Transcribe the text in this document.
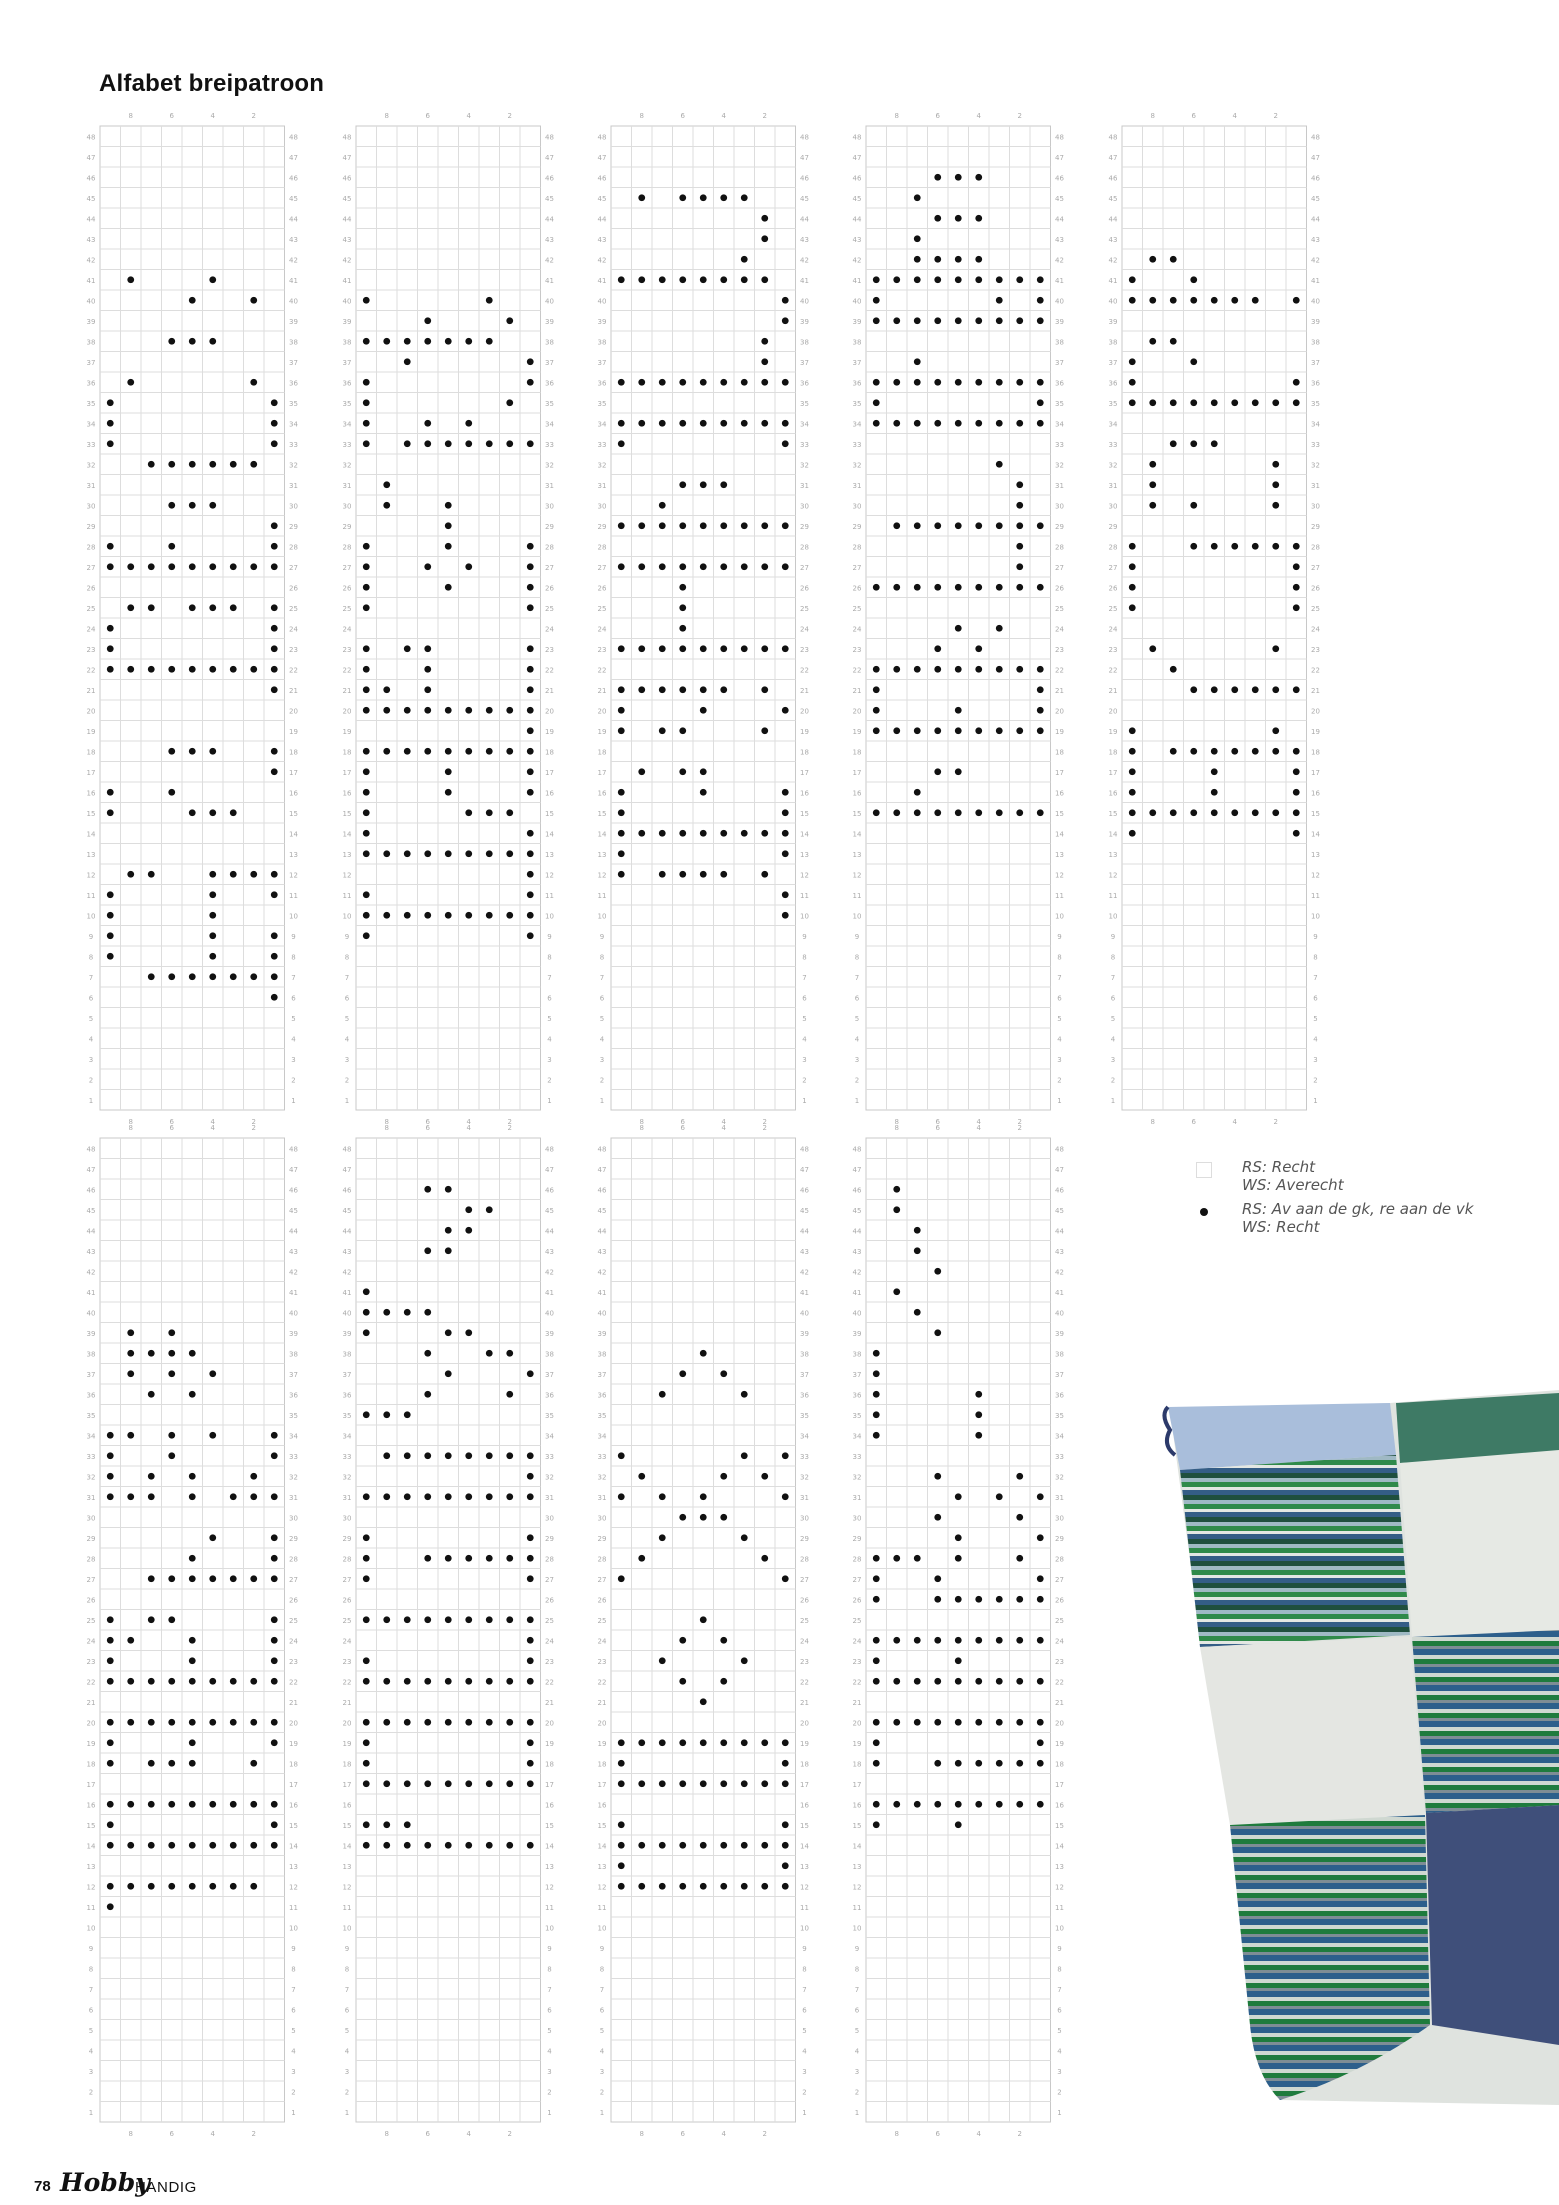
Alfabet breipatroon
48	48
47	47
46	46
45	45
44	44
43	43
42	42
41	41
40	40
39	39
38	38
37	37
36	36
35	35
34	34
33	33
32	32
31	31
30	30
29	29
28	28
27	27
26	26
25	25
24	24
23	23
22	22
21	21
20	20
19	19
18	18
17	17
16	16
15	15
14	14
13	13
12	12
11	11
10	10
9	9
8	8
7	7
6	6
5	5
4	4
3	3
2	2
1	1
8
8
6
6
4
4
2
2
48	48
47	47
46	46
45	45
44	44
43	43
42	42
41	41
40	40
39	39
38	38
37	37
36	36
35	35
34	34
33	33
32	32
31	31
30	30
29	29
28	28
27	27
26	26
25	25
24	24
23	23
22	22
21	21
20	20
19	19
18	18
17	17
16	16
15	15
14	14
13	13
12	12
11	11
10	10
9	9
8	8
7	7
6	6
5	5
4	4
3	3
2	2
1	1
8
8
6
6
4
4
2
2
48	48
47	47
46	46
45	45
44	44
43	43
42	42
41	41
40	40
39	39
38	38
37	37
36	36
35	35
34	34
33	33
32	32
31	31
30	30
29	29
28	28
27	27
26	26
25	25
24	24
23	23
22	22
21	21
20	20
19	19
18	18
17	17
16	16
15	15
14	14
13	13
12	12
11	11
10	10
9	9
8	8
7	7
6	6
5	5
4	4
3	3
2	2
1	1
8
8
6
6
4
4
2
2
48	48
47	47
46	46
45	45
44	44
43	43
42	42
41	41
40	40
39	39
38	38
37	37
36	36
35	35
34	34
33	33
32	32
31	31
30	30
29	29
28	28
27	27
26	26
25	25
24	24
23	23
22	22
21	21
20	20
19	19
18	18
17	17
16	16
15	15
14	14
13	13
12	12
11	11
10	10
9	9
8	8
7	7
6	6
5	5
4	4
3	3
2	2
1	1
8
8
6
6
4
4
2
2
48	48
47	47
46	46
45	45
44	44
43	43
42	42
41	41
40	40
39	39
38	38
37	37
36	36
35	35
34	34
33	33
32	32
31	31
30	30
29	29
28	28
27	27
26	26
25	25
24	24
23	23
22	22
21	21
20	20
19	19
18	18
17	17
16	16
15	15
14	14
13	13
12	12
11	11
10	10
9	9
8	8
7	7
6	6
5	5
4	4
3	3
2	2
1	1
8
8
6
6
4
4
2
2
48	48
47	47
46	46
45	45
44	44
43	43
42	42
41	41
40	40
39	39
38	38
37	37
36	36
35	35
34	34
33	33
32	32
31	31
30	30
29	29
28	28
27	27
26	26
25	25
24	24
23	23
22	22
21	21
20	20
19	19
18	18
17	17
16	16
15	15
14	14
13	13
12	12
11	11
10	10
9	9
8	8
7	7
6	6
5	5
4	4
3	3
2	2
1	1
8
8
6
6
4
4
2
2
48	48
47	47
46	46
45	45
44	44
43	43
42	42
41	41
40	40
39	39
38	38
37	37
36	36
35	35
34	34
33	33
32	32
31	31
30	30
29	29
28	28
27	27
26	26
25	25
24	24
23	23
22	22
21	21
20	20
19	19
18	18
17	17
16	16
15	15
14	14
13	13
12	12
11	11
10	10
9	9
8	8
7	7
6	6
5	5
4	4
3	3
2	2
1	1
8
8
6
6
4
4
2
2
48	48
47	47
46	46
45	45
44	44
43	43
42	42
41	41
40	40
39	39
38	38
37	37
36	36
35	35
34	34
33	33
32	32
31	31
30	30
29	29
28	28
27	27
26	26
25	25
24	24
23	23
22	22
21	21
20	20
19	19
18	18
17	17
16	16
15	15
14	14
13	13
12	12
11	11
10	10
9	9
8	8
7	7
6	6
5	5
4	4
3	3
2	2
1	1
8
8
6
6
4
4
2
2
48	48
47	47
46	46
45	45
44	44
43	43
42	42
41	41
40	40
39	39
38	38
37	37
36	36
35	35
34	34
33	33
32	32
31	31
30	30
29	29
28	28
27	27
26	26
25	25
24	24
23	23
22	22
21	21
20	20
19	19
18	18
17	17
16	16
15	15
14	14
13	13
12	12
11	11
10	10
9	9
8	8
7	7
6	6
5	5
4	4
3	3
2	2
1	1
8
8
6
6
4
4
2
2
RS: Recht
WS: Averecht
RS: Av aan de gk, re aan de vk
WS: Recht
78 Hobby
HANDIG
